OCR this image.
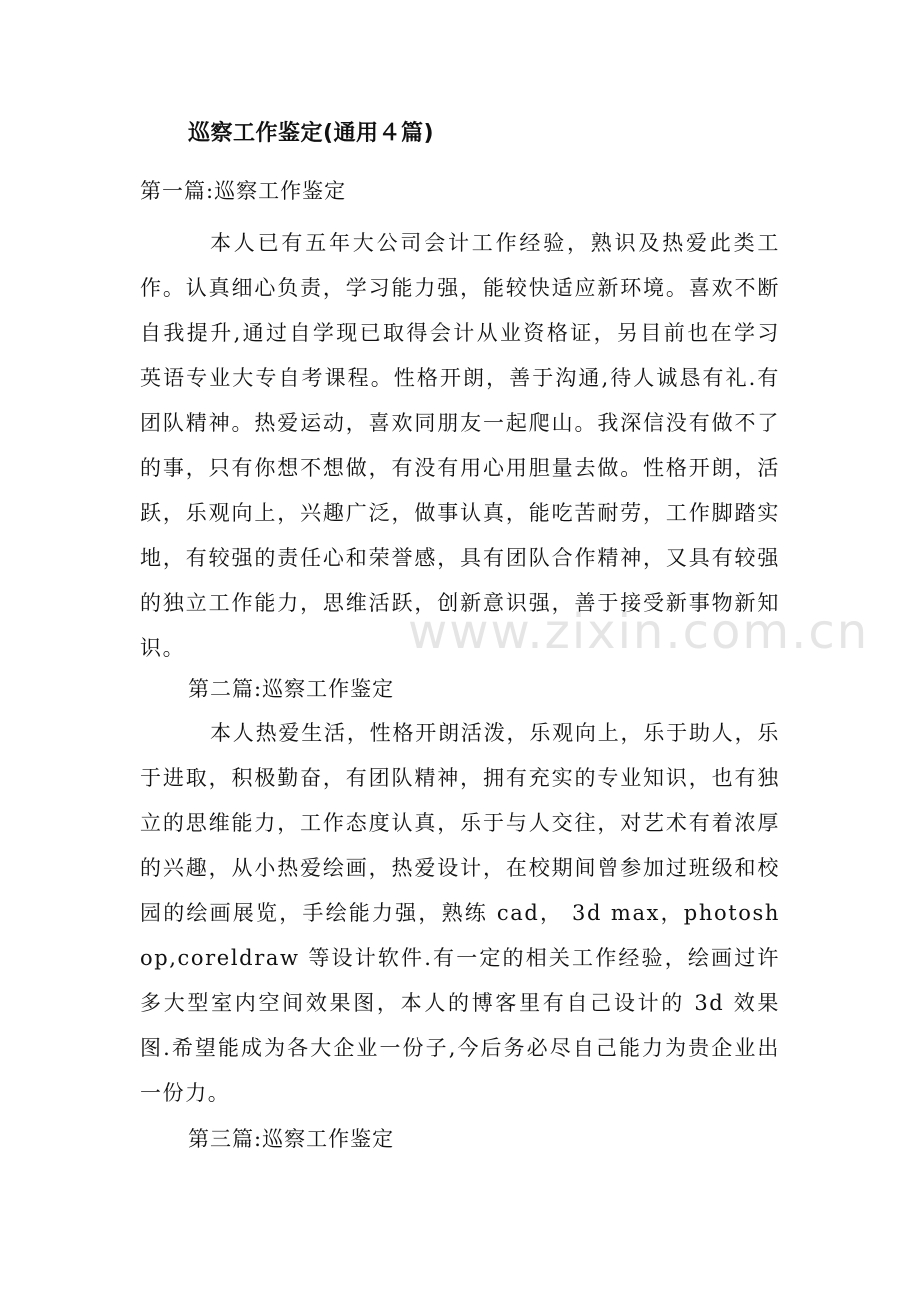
巡察工作鉴定(通用４篇)
第一篇:巡察工作鉴定
本人已有五年大公司会计工作经验，熟识及热爱此类工作。认真细心负责，学习能力强，能较快适应新环境。喜欢不断自我提升,通过自学现已取得会计从业资格证，另目前也在学习英语专业大专自考课程。性格开朗，善于沟通,待人诚恳有礼.有团队精神。热爱运动，喜欢同朋友一起爬山。我深信没有做不了的事，只有你想不想做，有没有用心用胆量去做。性格开朗，活跃，乐观向上，兴趣广泛，做事认真，能吃苦耐劳，工作脚踏实地，有较强的责任心和荣誉感，具有团队合作精神，又具有较强的独立工作能力，思维活跃，创新意识强，善于接受新事物新知识。
第二篇:巡察工作鉴定
本人热爱生活，性格开朗活泼，乐观向上，乐于助人，乐于进取，积极勤奋，有团队精神，拥有充实的专业知识，也有独立的思维能力，工作态度认真，乐于与人交往，对艺术有着浓厚的兴趣，从小热爱绘画，热爱设计，在校期间曾参加过班级和校园的绘画展览，手绘能力强，熟练 cad， 3d max，photoshop,coreldraw 等设计软件.有一定的相关工作经验，绘画过许多大型室内空间效果图，本人的博客里有自己设计的 3d 效果图.希望能成为各大企业一份子,今后务必尽自己能力为贵企业出一份力。
第三篇:巡察工作鉴定
www.zixin.com.cn
